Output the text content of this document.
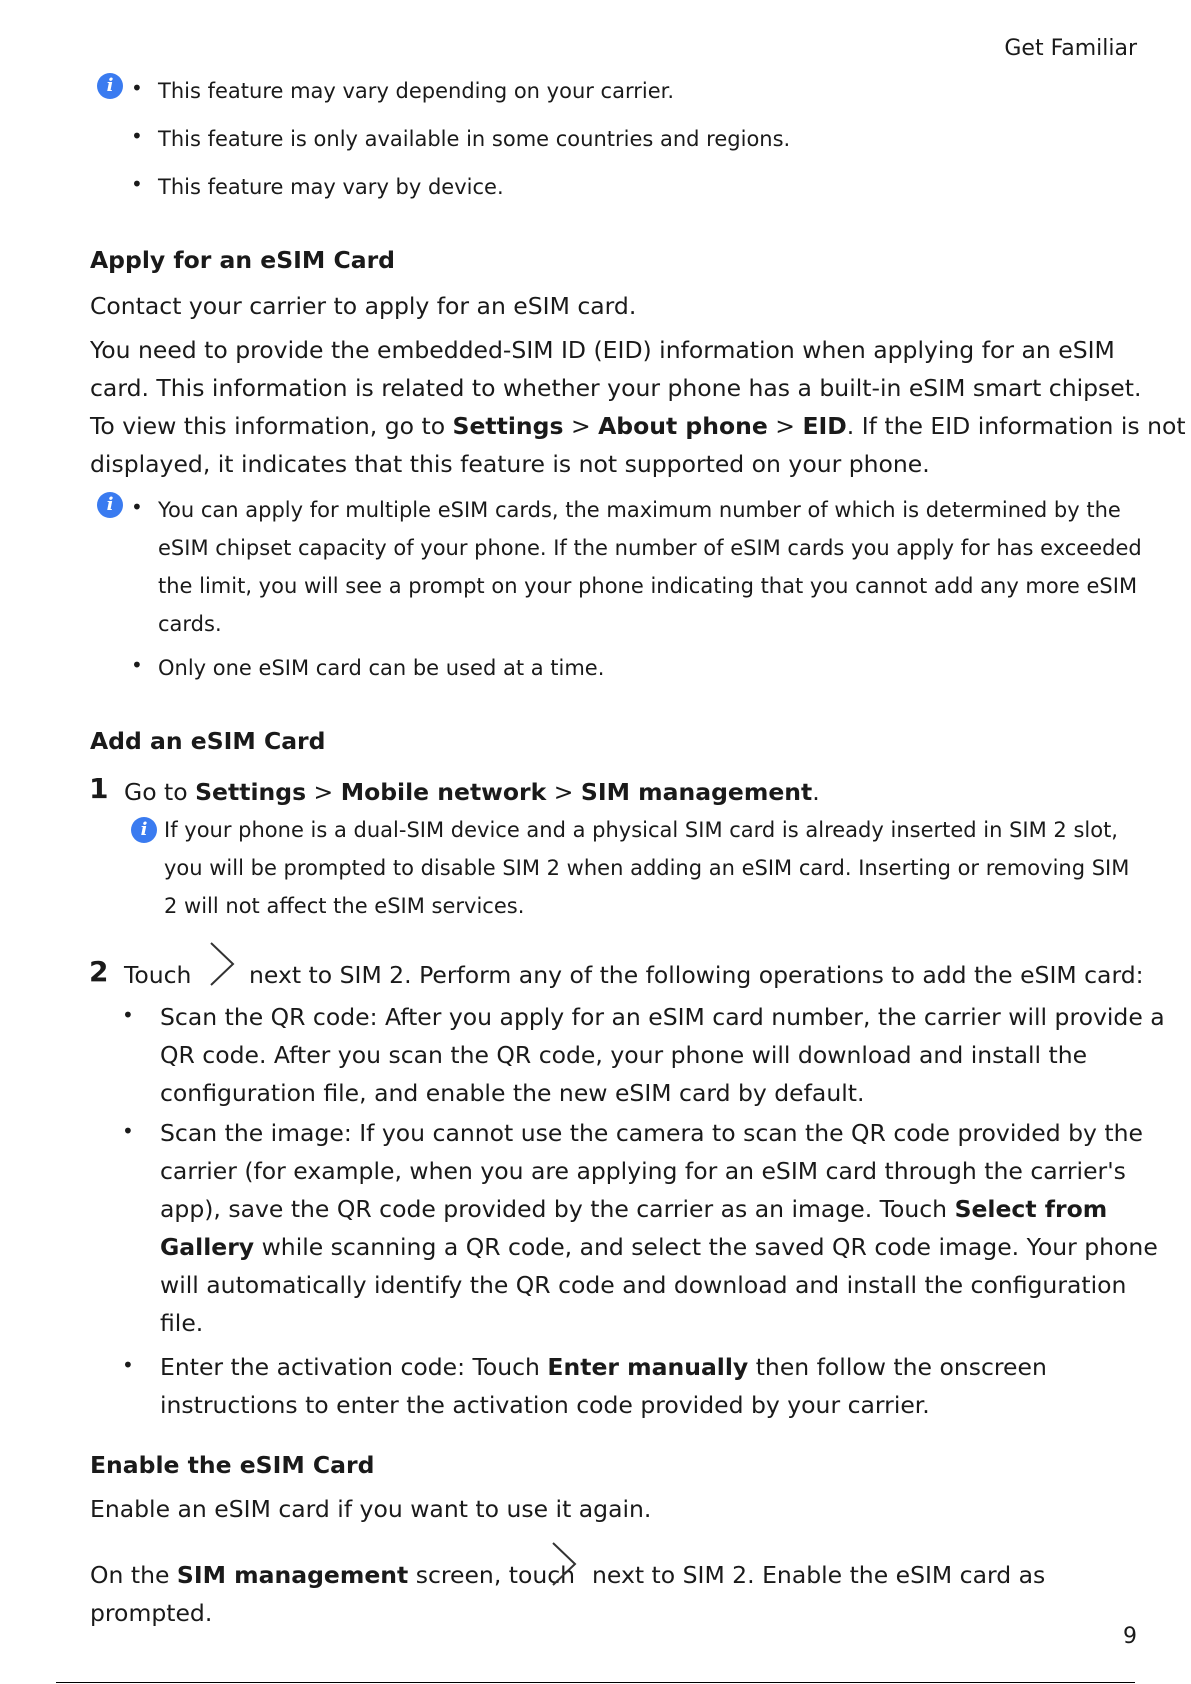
Get Familiar
i • This feature may vary depending on your carrier.
• This feature is only available in some countries and regions.
• This feature may vary by device.
Apply for an eSIM Card
Contact your carrier to apply for an eSIM card.
You need to provide the embedded-SIM ID (EID) information when applying for an eSIM
card. This information is related to whether your phone has a built-in eSIM smart chipset.
To view this information, go to Settings > About phone > EID. If the EID information is not
displayed, it indicates that this feature is not supported on your phone.
i • You can apply for multiple eSIM cards, the maximum number of which is determined by the
eSIM chipset capacity of your phone. If the number of eSIM cards you apply for has exceeded
the limit, you will see a prompt on your phone indicating that you cannot add any more eSIM
cards.
• Only one eSIM card can be used at a time.
Add an eSIM Card
1 Go to Settings > Mobile network > SIM management.
i If your phone is a dual-SIM device and a physical SIM card is already inserted in SIM 2 slot,
you will be prompted to disable SIM 2 when adding an eSIM card. Inserting or removing SIM
2 will not affect the eSIM services.
2 Touch next to SIM 2. Perform any of the following operations to add the eSIM card:
• Scan the QR code: After you apply for an eSIM card number, the carrier will provide a
QR code. After you scan the QR code, your phone will download and install the
configuration file, and enable the new eSIM card by default.
• Scan the image: If you cannot use the camera to scan the QR code provided by the
carrier (for example, when you are applying for an eSIM card through the carrier's
app), save the QR code provided by the carrier as an image. Touch Select from
Gallery while scanning a QR code, and select the saved QR code image. Your phone
will automatically identify the QR code and download and install the configuration
file.
• Enter the activation code: Touch Enter manually then follow the onscreen
instructions to enter the activation code provided by your carrier.
Enable the eSIM Card
Enable an eSIM card if you want to use it again.
On the SIM management screen, touch next to SIM 2. Enable the eSIM card as
prompted.
9
